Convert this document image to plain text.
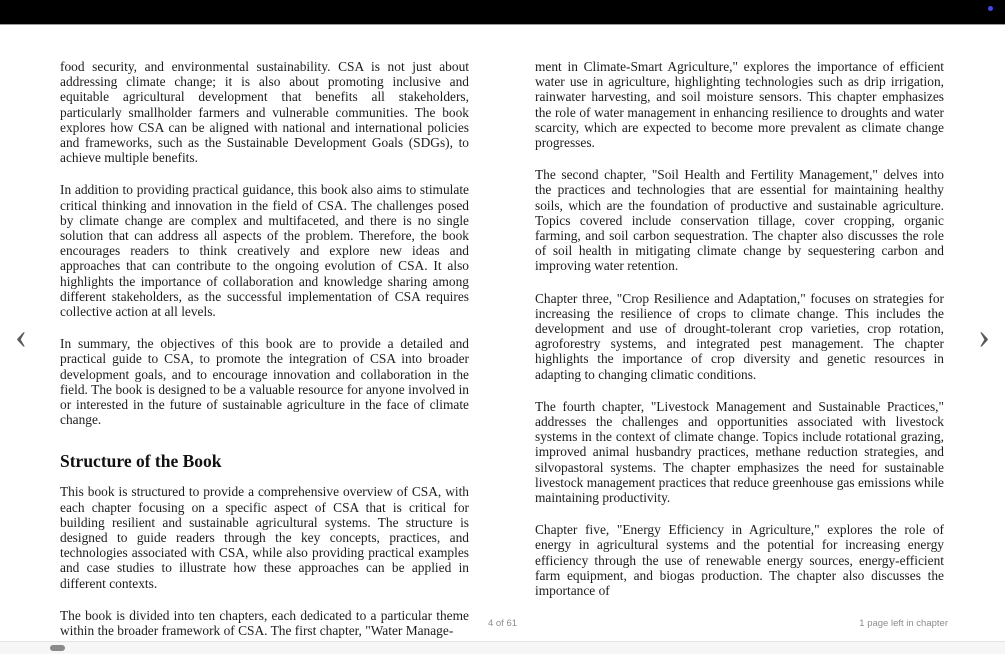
food security, and environmental sustainability. CSA is not just about addressing climate change; it is also about promoting inclusive and equitable agricultural development that benefits all stakeholders, particularly smallholder farmers and vulnerable communities. The book explores how CSA can be aligned with national and international policies and frameworks, such as the Sustainable Development Goals (SDGs), to achieve multiple benefits.

In addition to providing practical guidance, this book also aims to stimulate critical thinking and innovation in the field of CSA. The challenges posed by climate change are complex and multifaceted, and there is no single solution that can address all aspects of the problem. Therefore, the book encourages readers to think creatively and explore new ideas and approaches that can contribute to the ongoing evolution of CSA. It also highlights the importance of collaboration and knowledge sharing among different stakeholders, as the successful implementation of CSA requires collective action at all levels.

In summary, the objectives of this book are to provide a detailed and practical guide to CSA, to promote the integration of CSA into broader development goals, and to encourage innovation and collaboration in the field. The book is designed to be a valuable resource for anyone involved in or interested in the future of sustainable agriculture in the face of climate change.

Structure of the Book

This book is structured to provide a comprehensive overview of CSA, with each chapter focusing on a specific aspect of CSA that is critical for building resilient and sustainable agricultural systems. The structure is designed to guide readers through the key concepts, practices, and technologies associated with CSA, while also providing practical examples and case studies to illustrate how these approaches can be applied in different contexts.

The book is divided into ten chapters, each dedicated to a particular theme within the broader framework of CSA. The first chapter, "Water Manage-

ment in Climate-Smart Agriculture," explores the importance of efficient water use in agriculture, highlighting technologies such as drip irrigation, rainwater harvesting, and soil moisture sensors. This chapter emphasizes the role of water management in enhancing resilience to droughts and water scarcity, which are expected to become more prevalent as climate change progresses.

The second chapter, "Soil Health and Fertility Management," delves into the practices and technologies that are essential for maintaining healthy soils, which are the foundation of productive and sustainable agriculture. Topics covered include conservation tillage, cover cropping, organic farming, and soil carbon sequestration. The chapter also discusses the role of soil health in mitigating climate change by sequestering carbon and improving water retention.

Chapter three, "Crop Resilience and Adaptation," focuses on strategies for increasing the resilience of crops to climate change. This includes the development and use of drought-tolerant crop varieties, crop rotation, agroforestry systems, and integrated pest management. The chapter highlights the importance of crop diversity and genetic resources in adapting to changing climatic conditions.

The fourth chapter, "Livestock Management and Sustainable Practices," addresses the challenges and opportunities associated with livestock systems in the context of climate change. Topics include rotational grazing, improved animal husbandry practices, methane reduction strategies, and silvopastoral systems. The chapter emphasizes the need for sustainable livestock management practices that reduce greenhouse gas emissions while maintaining productivity.

Chapter five, "Energy Efficiency in Agriculture," explores the role of energy in agricultural systems and the potential for increasing energy efficiency through the use of renewable energy sources, energy-efficient farm equipment, and biogas production. The chapter also discusses the importance of

‹	›
4 of 61	1 page left in chapter
